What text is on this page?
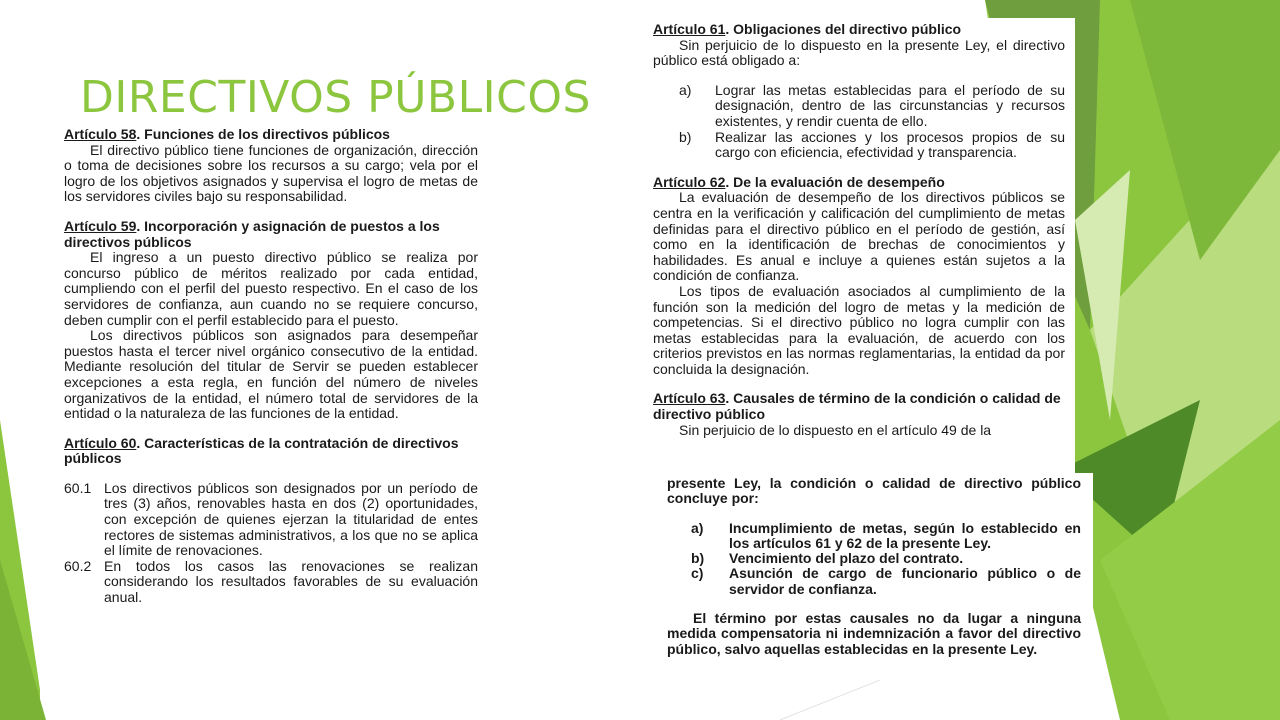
DIRECTIVOS PÚBLICOS

Artículo 58. Funciones de los directivos públicos

El directivo público tiene funciones de organización, dirección o toma de decisiones sobre los recursos a su cargo; vela por el logro de los objetivos asignados y supervisa el logro de metas de los servidores civiles bajo su responsabilidad.

Artículo 59. Incorporación y asignación de puestos a los directivos públicos

El ingreso a un puesto directivo público se realiza por concurso público de méritos realizado por cada entidad, cumpliendo con el perfil del puesto respectivo. En el caso de los servidores de confianza, aun cuando no se requiere concurso, deben cumplir con el perfil establecido para el puesto.

Los directivos públicos son asignados para desempeñar puestos hasta el tercer nivel orgánico consecutivo de la entidad. Mediante resolución del titular de Servir se pueden establecer excepciones a esta regla, en función del número de niveles organizativos de la entidad, el número total de servidores de la entidad o la naturaleza de las funciones de la entidad.

Artículo 60. Características de la contratación de directivos públicos

60.1 Los directivos públicos son designados por un período de tres (3) años, renovables hasta en dos (2) oportunidades, con excepción de quienes ejerzan la titularidad de entes rectores de sistemas administrativos, a los que no se aplica el límite de renovaciones.
60.2 En todos los casos las renovaciones se realizan considerando los resultados favorables de su evaluación anual.

Artículo 61. Obligaciones del directivo público

Sin perjuicio de lo dispuesto en la presente Ley, el directivo público está obligado a:

a)	Lograr las metas establecidas para el período de su designación, dentro de las circunstancias y recursos existentes, y rendir cuenta de ello.
b)	Realizar las acciones y los procesos propios de su cargo con eficiencia, efectividad y transparencia.

Artículo 62. De la evaluación de desempeño

La evaluación de desempeño de los directivos públicos se centra en la verificación y calificación del cumplimiento de metas definidas para el directivo público en el período de gestión, así como en la identificación de brechas de conocimientos y habilidades. Es anual e incluye a quienes están sujetos a la condición de confianza.

Los tipos de evaluación asociados al cumplimiento de la función son la medición del logro de metas y la medición de competencias. Si el directivo público no logra cumplir con las metas establecidas para la evaluación, de acuerdo con los criterios previstos en las normas reglamentarias, la entidad da por concluida la designación.

Artículo 63. Causales de término de la condición o calidad de directivo público

Sin perjuicio de lo dispuesto en el artículo 49 de la

presente Ley, la condición o calidad de directivo público concluye por:

a)	Incumplimiento de metas, según lo establecido en los artículos 61 y 62 de la presente Ley.
b)	Vencimiento del plazo del contrato.
c)	Asunción de cargo de funcionario público o de servidor de confianza.

El término por estas causales no da lugar a ninguna medida compensatoria ni indemnización a favor del directivo público, salvo aquellas establecidas en la presente Ley.
